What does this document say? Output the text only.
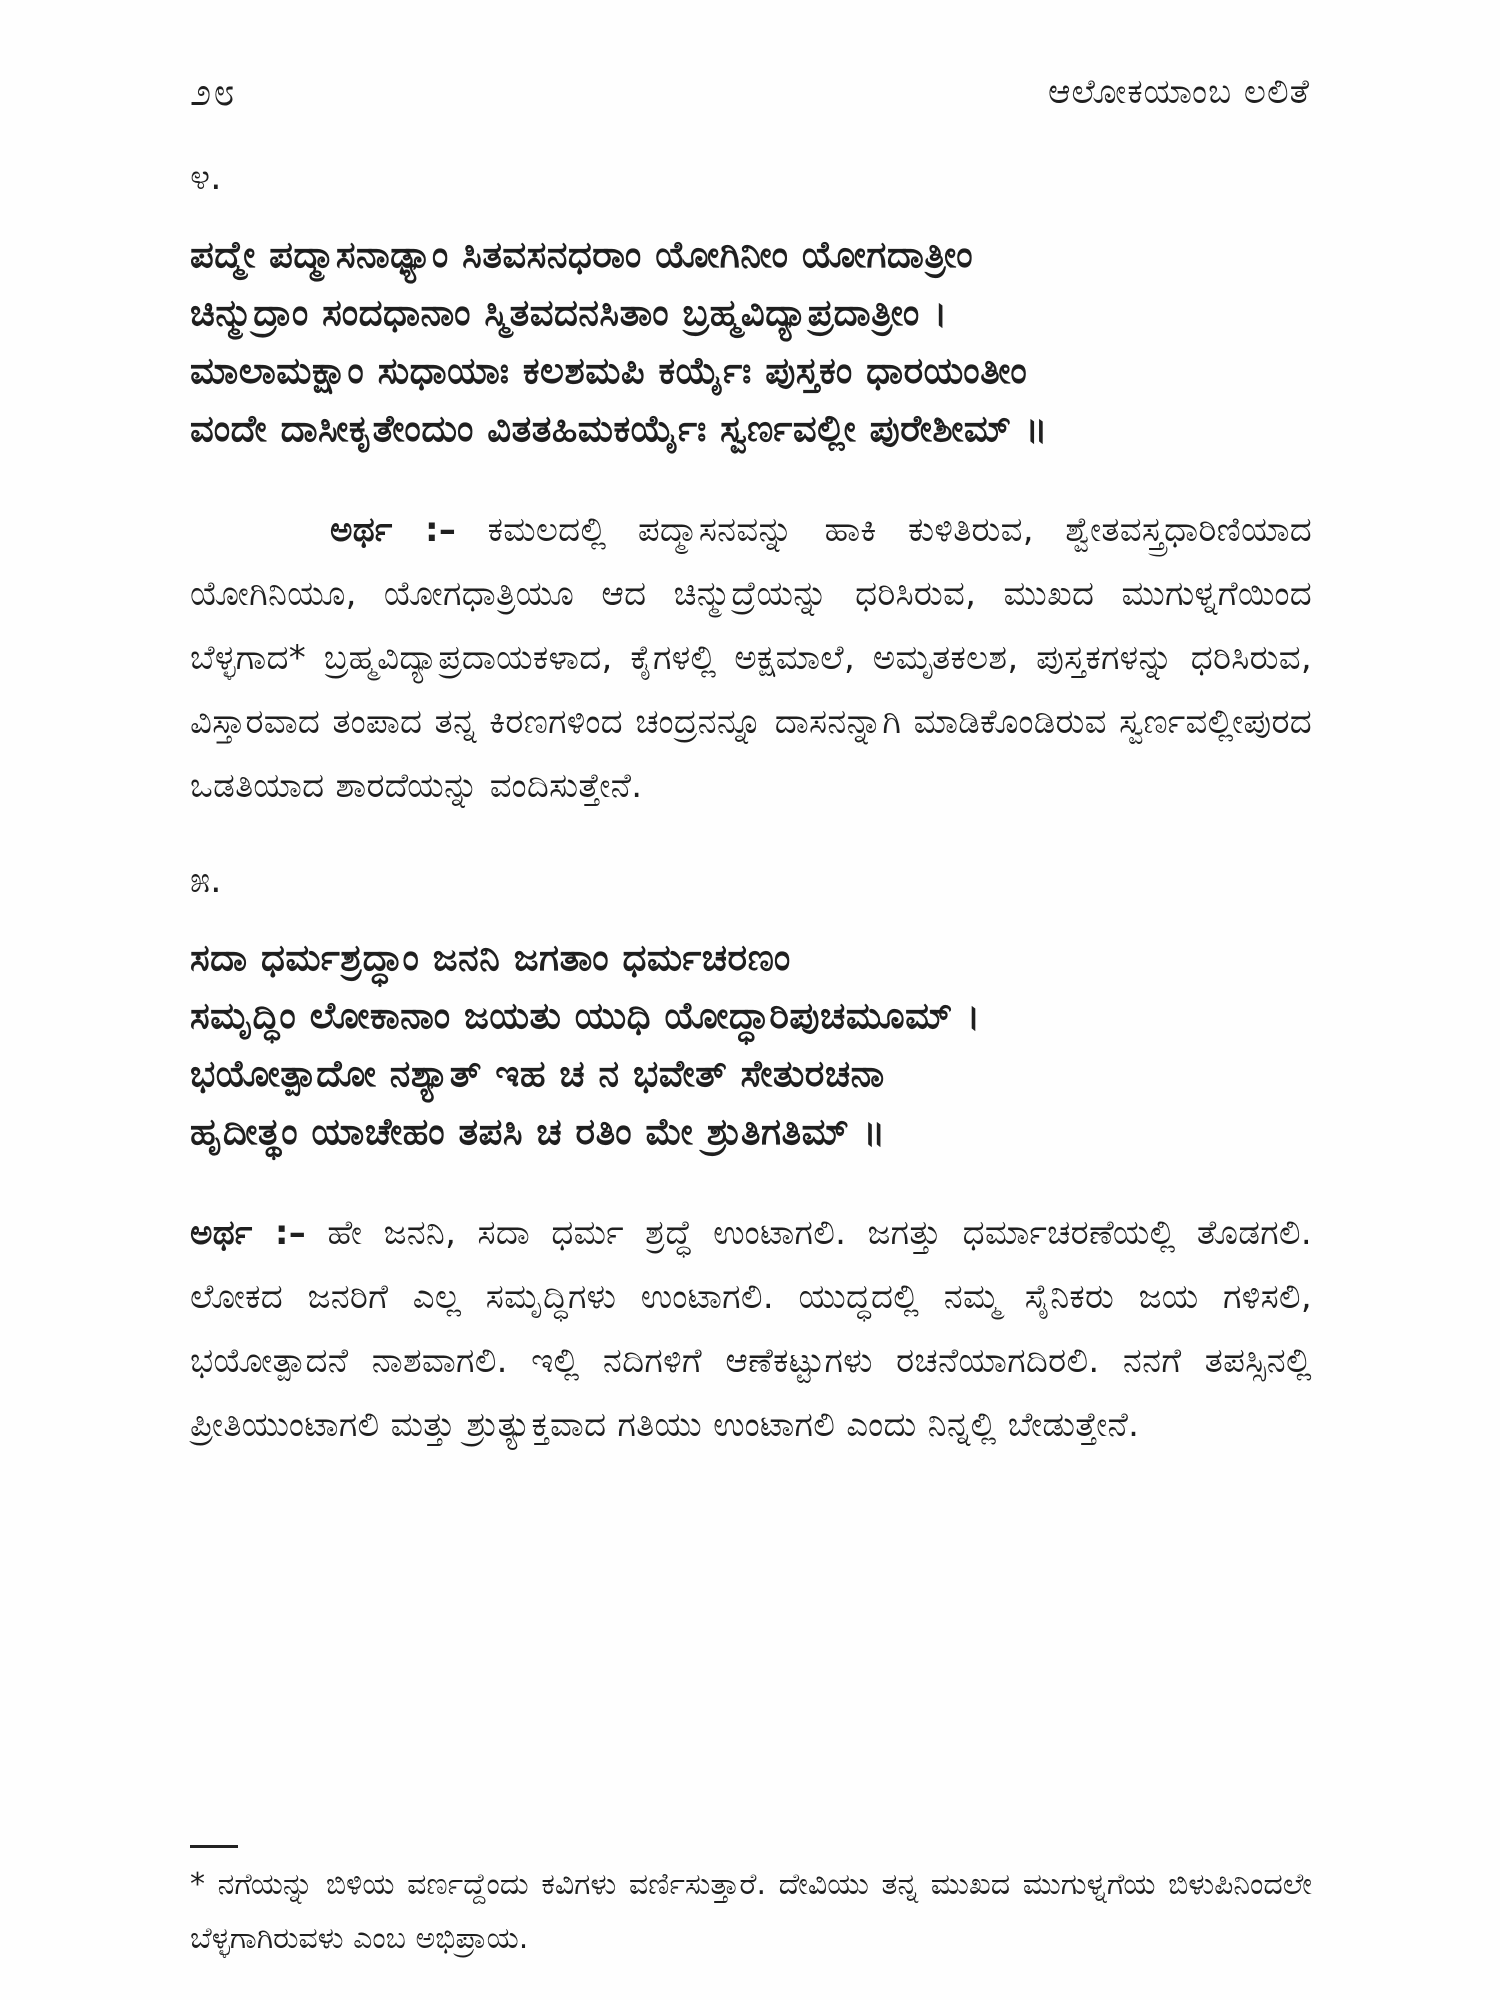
೨೮	ಆಲೋಕಯಾಂಬ ಲಲಿತೆ
೪.
ಪದ್ಮೇ ಪದ್ಮಾಸನಾಢ್ಯಾಂ ಸಿತವಸನಧರಾಂ ಯೋಗಿನೀಂ ಯೋಗದಾತ್ರೀಂ
ಚಿನ್ಮುದ್ರಾಂ ಸಂದಧಾನಾಂ ಸ್ಮಿತವದನಸಿತಾಂ ಬ್ರಹ್ಮವಿದ್ಯಾಪ್ರದಾತ್ರೀಂ ।
ಮಾಲಾಮಕ್ಷಾಂ ಸುಧಾಯಾಃ ಕಲಶಮಪಿ ಕರ್ಯೈಃ ಪುಸ್ತಕಂ ಧಾರಯಂತೀಂ
ವಂದೇ ದಾಸೀಕೃತೇಂದುಂ ವಿತತಹಿಮಕರ್ಯೈಃ ಸ್ವರ್ಣವಲ್ಲೀ ಪುರೇಶೀಮ್ ॥

ಅರ್ಥ :– ಕಮಲದಲ್ಲಿ ಪದ್ಮಾಸನವನ್ನು ಹಾಕಿ ಕುಳಿತಿರುವ, ಶ್ವೇತವಸ್ತ್ರಧಾರಿಣಿಯಾದ ಯೋಗಿನಿಯೂ, ಯೋಗಧಾತ್ರಿಯೂ ಆದ ಚಿನ್ಮುದ್ರೆಯನ್ನು ಧರಿಸಿರುವ, ಮುಖದ ಮುಗುಳ್ನಗೆಯಿಂದ ಬೆಳ್ಳಗಾದ* ಬ್ರಹ್ಮವಿದ್ಯಾಪ್ರದಾಯಕಳಾದ, ಕೈಗಳಲ್ಲಿ ಅಕ್ಷಮಾಲೆ, ಅಮೃತಕಲಶ, ಪುಸ್ತಕಗಳನ್ನು ಧರಿಸಿರುವ, ವಿಸ್ತಾರವಾದ ತಂಪಾದ ತನ್ನ ಕಿರಣಗಳಿಂದ ಚಂದ್ರನನ್ನೂ ದಾಸನನ್ನಾಗಿ ಮಾಡಿಕೊಂಡಿರುವ ಸ್ವರ್ಣವಲ್ಲೀಪುರದ ಒಡತಿಯಾದ ಶಾರದೆಯನ್ನು ವಂದಿಸುತ್ತೇನೆ.

೫.
ಸದಾ ಧರ್ಮಶ್ರದ್ಧಾಂ ಜನನಿ ಜಗತಾಂ ಧರ್ಮಚರಣಂ
ಸಮೃದ್ಧಿಂ ಲೋಕಾನಾಂ ಜಯತು ಯುಧಿ ಯೋದ್ಧಾರಿಪುಚಮೂಮ್ ।
ಭಯೋತ್ಪಾದೋ ನಶ್ಯಾತ್ ಇಹ ಚ ನ ಭವೇತ್ ಸೇತುರಚನಾ
ಹೃದೀತ್ಥಂ ಯಾಚೇಹಂ ತಪಸಿ ಚ ರತಿಂ ಮೇ ಶ್ರುತಿಗತಿಮ್ ॥

ಅರ್ಥ :– ಹೇ ಜನನಿ, ಸದಾ ಧರ್ಮ ಶ್ರದ್ಧೆ ಉಂಟಾಗಲಿ. ಜಗತ್ತು ಧರ್ಮಾಚರಣೆಯಲ್ಲಿ ತೊಡಗಲಿ. ಲೋಕದ ಜನರಿಗೆ ಎಲ್ಲ ಸಮೃದ್ಧಿಗಳು ಉಂಟಾಗಲಿ. ಯುದ್ಧದಲ್ಲಿ ನಮ್ಮ ಸೈನಿಕರು ಜಯ ಗಳಿಸಲಿ, ಭಯೋತ್ಪಾದನೆ ನಾಶವಾಗಲಿ. ಇಲ್ಲಿ ನದಿಗಳಿಗೆ ಆಣೆಕಟ್ಟುಗಳು ರಚನೆಯಾಗದಿರಲಿ. ನನಗೆ ತಪಸ್ಸಿನಲ್ಲಿ ಪ್ರೀತಿಯುಂಟಾಗಲಿ ಮತ್ತು ಶ್ರುತ್ಯುಕ್ತವಾದ ಗತಿಯು ಉಂಟಾಗಲಿ ಎಂದು ನಿನ್ನಲ್ಲಿ ಬೇಡುತ್ತೇನೆ.

* ನಗೆಯನ್ನು ಬಿಳಿಯ ವರ್ಣದ್ದೆಂದು ಕವಿಗಳು ವರ್ಣಿಸುತ್ತಾರೆ. ದೇವಿಯು ತನ್ನ ಮುಖದ ಮುಗುಳ್ನಗೆಯ ಬಿಳುಪಿನಿಂದಲೇ ಬೆಳ್ಳಗಾಗಿರುವಳು ಎಂಬ ಅಭಿಪ್ರಾಯ.
